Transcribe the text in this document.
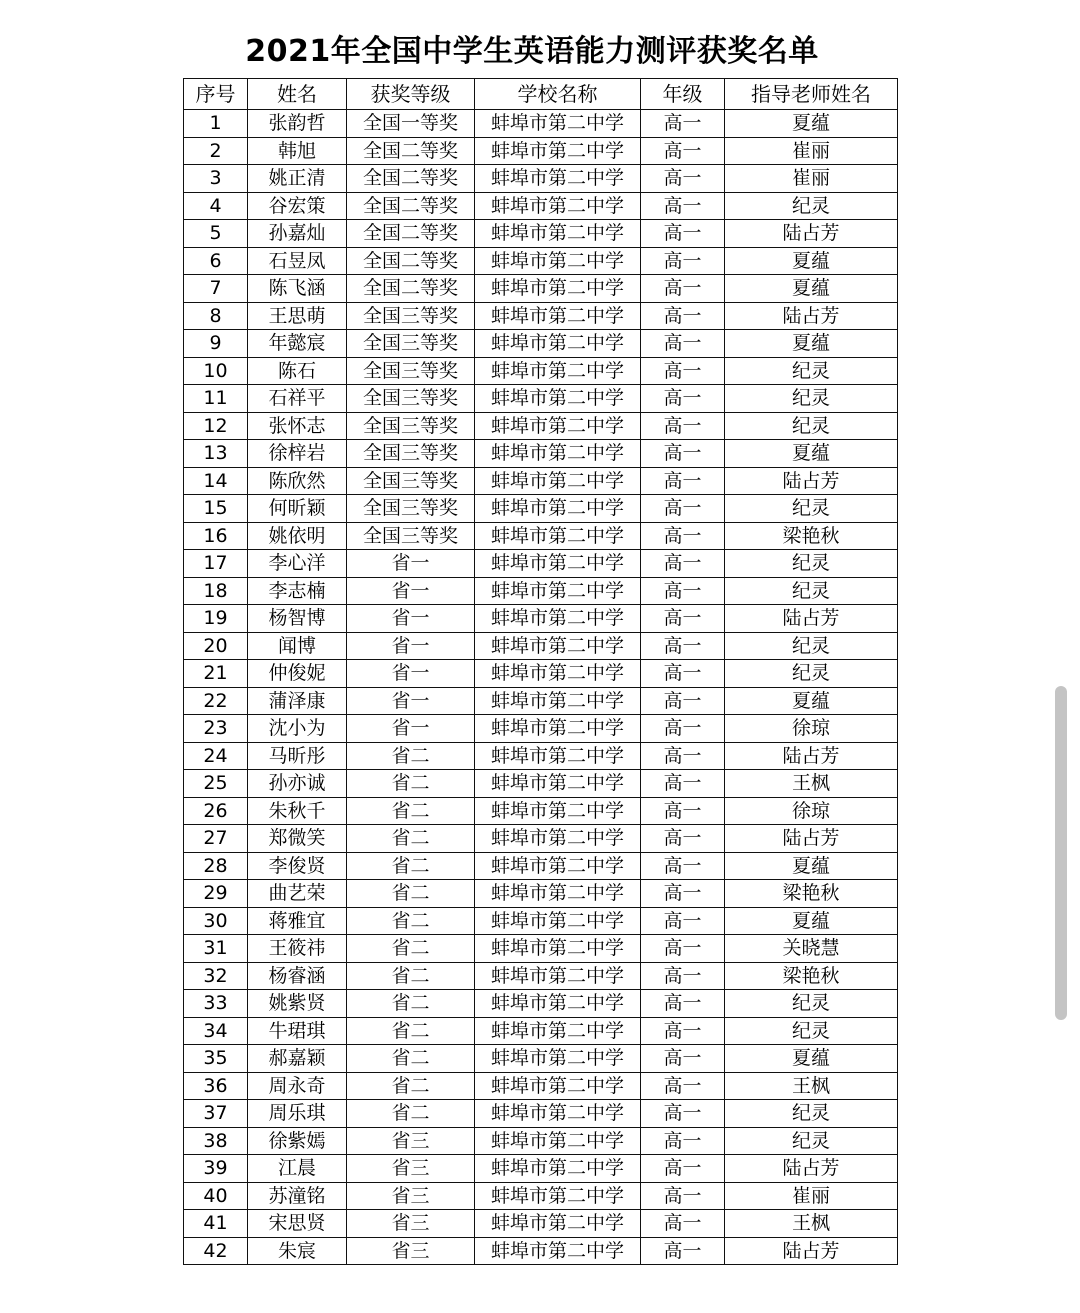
2021年全国中学生英语能力测评获奖名单
序号	姓名	获奖等级	学校名称	年级	指导老师姓名
1	张韵哲	全国一等奖	蚌埠市第二中学	高一	夏蕴
2	韩旭	全国二等奖	蚌埠市第二中学	高一	崔丽
3	姚正清	全国二等奖	蚌埠市第二中学	高一	崔丽
4	谷宏策	全国二等奖	蚌埠市第二中学	高一	纪灵
5	孙嘉灿	全国二等奖	蚌埠市第二中学	高一	陆占芳
6	石昱凤	全国二等奖	蚌埠市第二中学	高一	夏蕴
7	陈飞涵	全国二等奖	蚌埠市第二中学	高一	夏蕴
8	王思萌	全国三等奖	蚌埠市第二中学	高一	陆占芳
9	年懿宸	全国三等奖	蚌埠市第二中学	高一	夏蕴
10	陈石	全国三等奖	蚌埠市第二中学	高一	纪灵
11	石祥平	全国三等奖	蚌埠市第二中学	高一	纪灵
12	张怀志	全国三等奖	蚌埠市第二中学	高一	纪灵
13	徐梓岩	全国三等奖	蚌埠市第二中学	高一	夏蕴
14	陈欣然	全国三等奖	蚌埠市第二中学	高一	陆占芳
15	何昕颖	全国三等奖	蚌埠市第二中学	高一	纪灵
16	姚依明	全国三等奖	蚌埠市第二中学	高一	梁艳秋
17	李心洋	省一	蚌埠市第二中学	高一	纪灵
18	李志楠	省一	蚌埠市第二中学	高一	纪灵
19	杨智博	省一	蚌埠市第二中学	高一	陆占芳
20	闻博	省一	蚌埠市第二中学	高一	纪灵
21	仲俊妮	省一	蚌埠市第二中学	高一	纪灵
22	蒲泽康	省一	蚌埠市第二中学	高一	夏蕴
23	沈小为	省一	蚌埠市第二中学	高一	徐琼
24	马昕彤	省二	蚌埠市第二中学	高一	陆占芳
25	孙亦诚	省二	蚌埠市第二中学	高一	王枫
26	朱秋千	省二	蚌埠市第二中学	高一	徐琼
27	郑微笑	省二	蚌埠市第二中学	高一	陆占芳
28	李俊贤	省二	蚌埠市第二中学	高一	夏蕴
29	曲艺荣	省二	蚌埠市第二中学	高一	梁艳秋
30	蒋雅宜	省二	蚌埠市第二中学	高一	夏蕴
31	王筱祎	省二	蚌埠市第二中学	高一	关晓慧
32	杨睿涵	省二	蚌埠市第二中学	高一	梁艳秋
33	姚紫贤	省二	蚌埠市第二中学	高一	纪灵
34	牛珺琪	省二	蚌埠市第二中学	高一	纪灵
35	郝嘉颖	省二	蚌埠市第二中学	高一	夏蕴
36	周永奇	省二	蚌埠市第二中学	高一	王枫
37	周乐琪	省二	蚌埠市第二中学	高一	纪灵
38	徐紫嫣	省三	蚌埠市第二中学	高一	纪灵
39	江晨	省三	蚌埠市第二中学	高一	陆占芳
40	苏潼铭	省三	蚌埠市第二中学	高一	崔丽
41	宋思贤	省三	蚌埠市第二中学	高一	王枫
42	朱宸	省三	蚌埠市第二中学	高一	陆占芳
